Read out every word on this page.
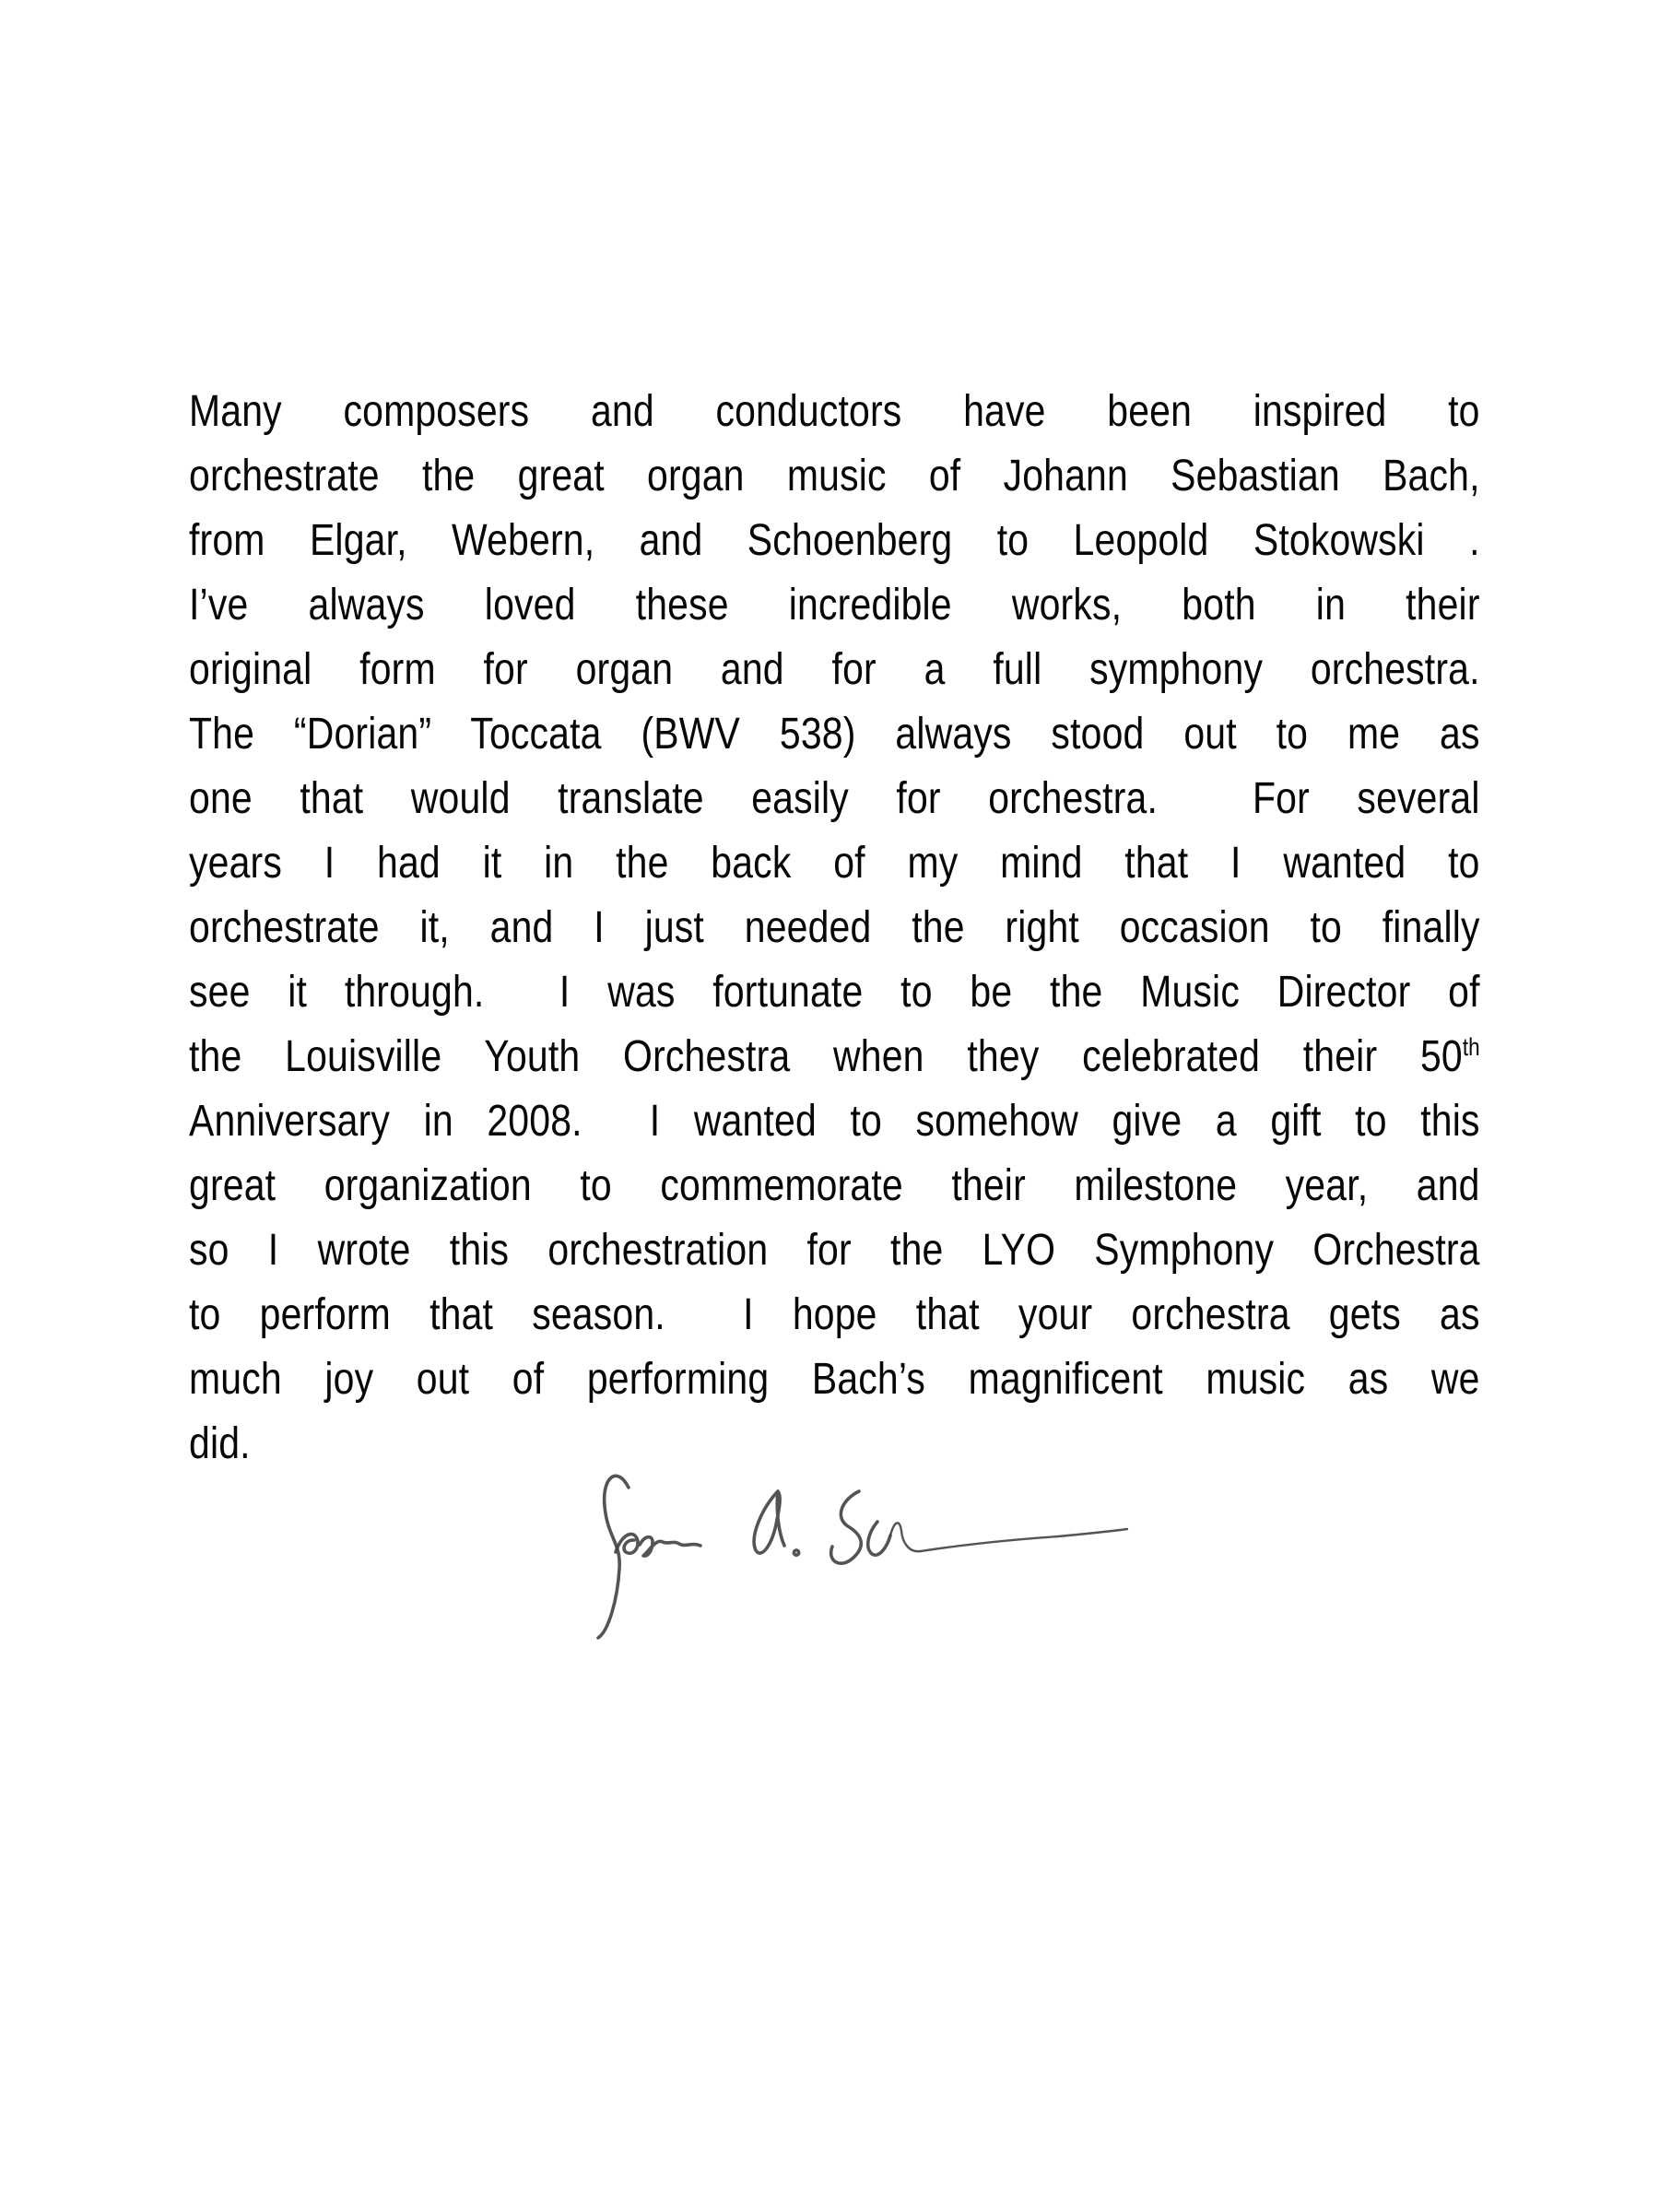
Many composers and conductors have been inspired to
orchestrate the great organ music of Johann Sebastian Bach,
from Elgar, Webern, and Schoenberg to Leopold Stokowski .
I’ve always loved these incredible works, both in their
original form for organ and for a full symphony orchestra.
The “Dorian” Toccata (BWV 538) always stood out to me as
one that would translate easily for orchestra.  For several
years I had it in the back of my mind that I wanted to
orchestrate it, and I just needed the right occasion to finally
see it through.  I was fortunate to be the Music Director of
the Louisville Youth Orchestra when they celebrated their 50th
Anniversary in 2008.  I wanted to somehow give a gift to this
great organization to commemorate their milestone year, and
so I wrote this orchestration for the LYO Symphony Orchestra
to perform that season.  I hope that your orchestra gets as
much joy out of performing Bach’s magnificent music as we
did.
